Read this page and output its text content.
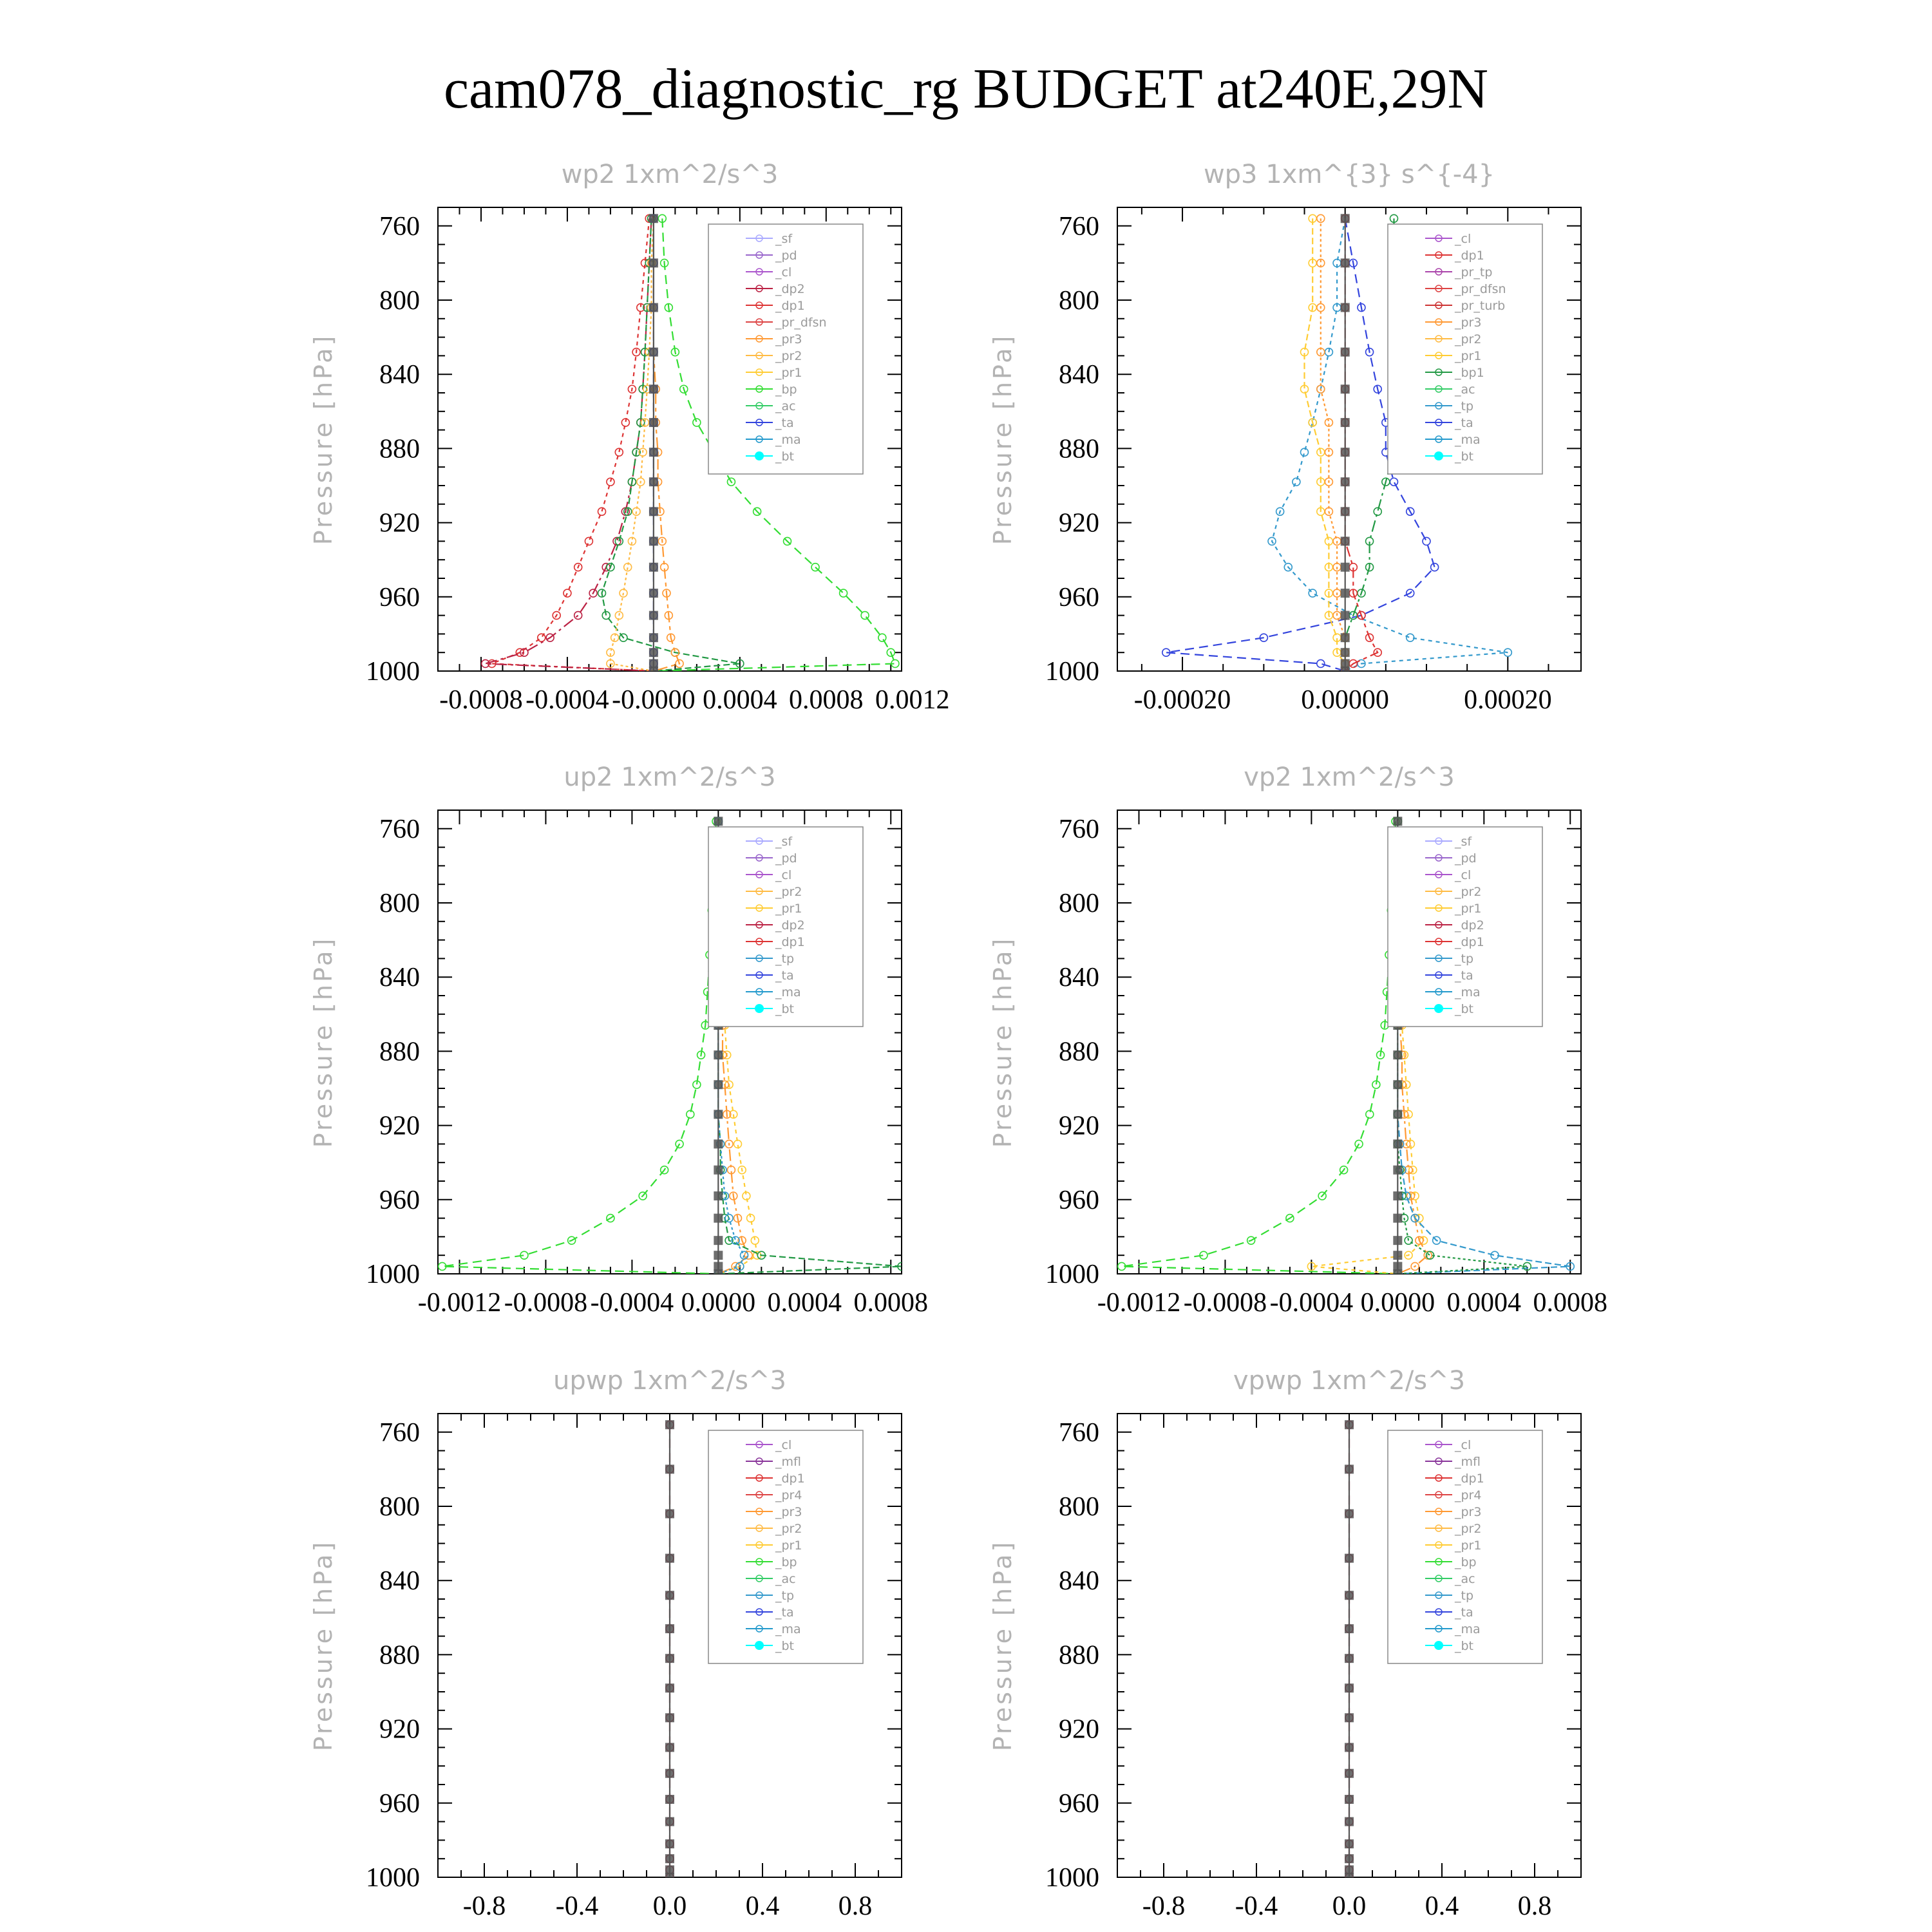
cam078_diagnostic_rg BUDGET at240E,29N
wp2 1xm^2/s^3
Pressure [hPa]
760
800
840
880
920
960
1000
-0.0008 -0.0004 -0.0000 0.0004 0.0008 0.0012
_sf
_pd
_cl
_dp2
_dp1
_pr_dfsn
_pr3
_pr2
_pr1
_bp
_ac
_ta
_ma
_bt
wp3 1xm^{3} s^{-4}
Pressure [hPa]
760
800
840
880
920
960
1000
-0.00020	0.00000	0.00020
_cl
_dp1
_pr_tp
_pr_dfsn
_pr_turb
_pr3
_pr2
_pr1
_bp1
_ac
_tp
_ta
_ma
_bt
up2 1xm^2/s^3
Pressure [hPa]
760
800
840
880
920
960
1000
-0.0012 -0.0008 -0.0004 0.0000 0.0004 0.0008
_sf
_pd
_cl
_pr2
_pr1
_dp2
_dp1
_tp
_ta
_ma
_bt
vp2 1xm^2/s^3
Pressure [hPa]
760
800
840
880
920
960
1000
-0.0012 -0.0008 -0.0004 0.0000 0.0004 0.0008
_sf
_pd
_cl
_pr2
_pr1
_dp2
_dp1
_tp
_ta
_ma
_bt
upwp 1xm^2/s^3
Pressure [hPa]
760
800
840
880
920
960
1000
-0.8 -0.4 0.0 0.4 0.8
_cl
_mfl
_dp1
_pr4
_pr3
_pr2
_pr1
_bp
_ac
_tp
_ta
_ma
_bt
vpwp 1xm^2/s^3
Pressure [hPa]
760
800
840
880
920
960
1000
-0.8 -0.4 0.0 0.4 0.8
_cl
_mfl
_dp1
_pr4
_pr3
_pr2
_pr1
_bp
_ac
_tp
_ta
_ma
_bt
